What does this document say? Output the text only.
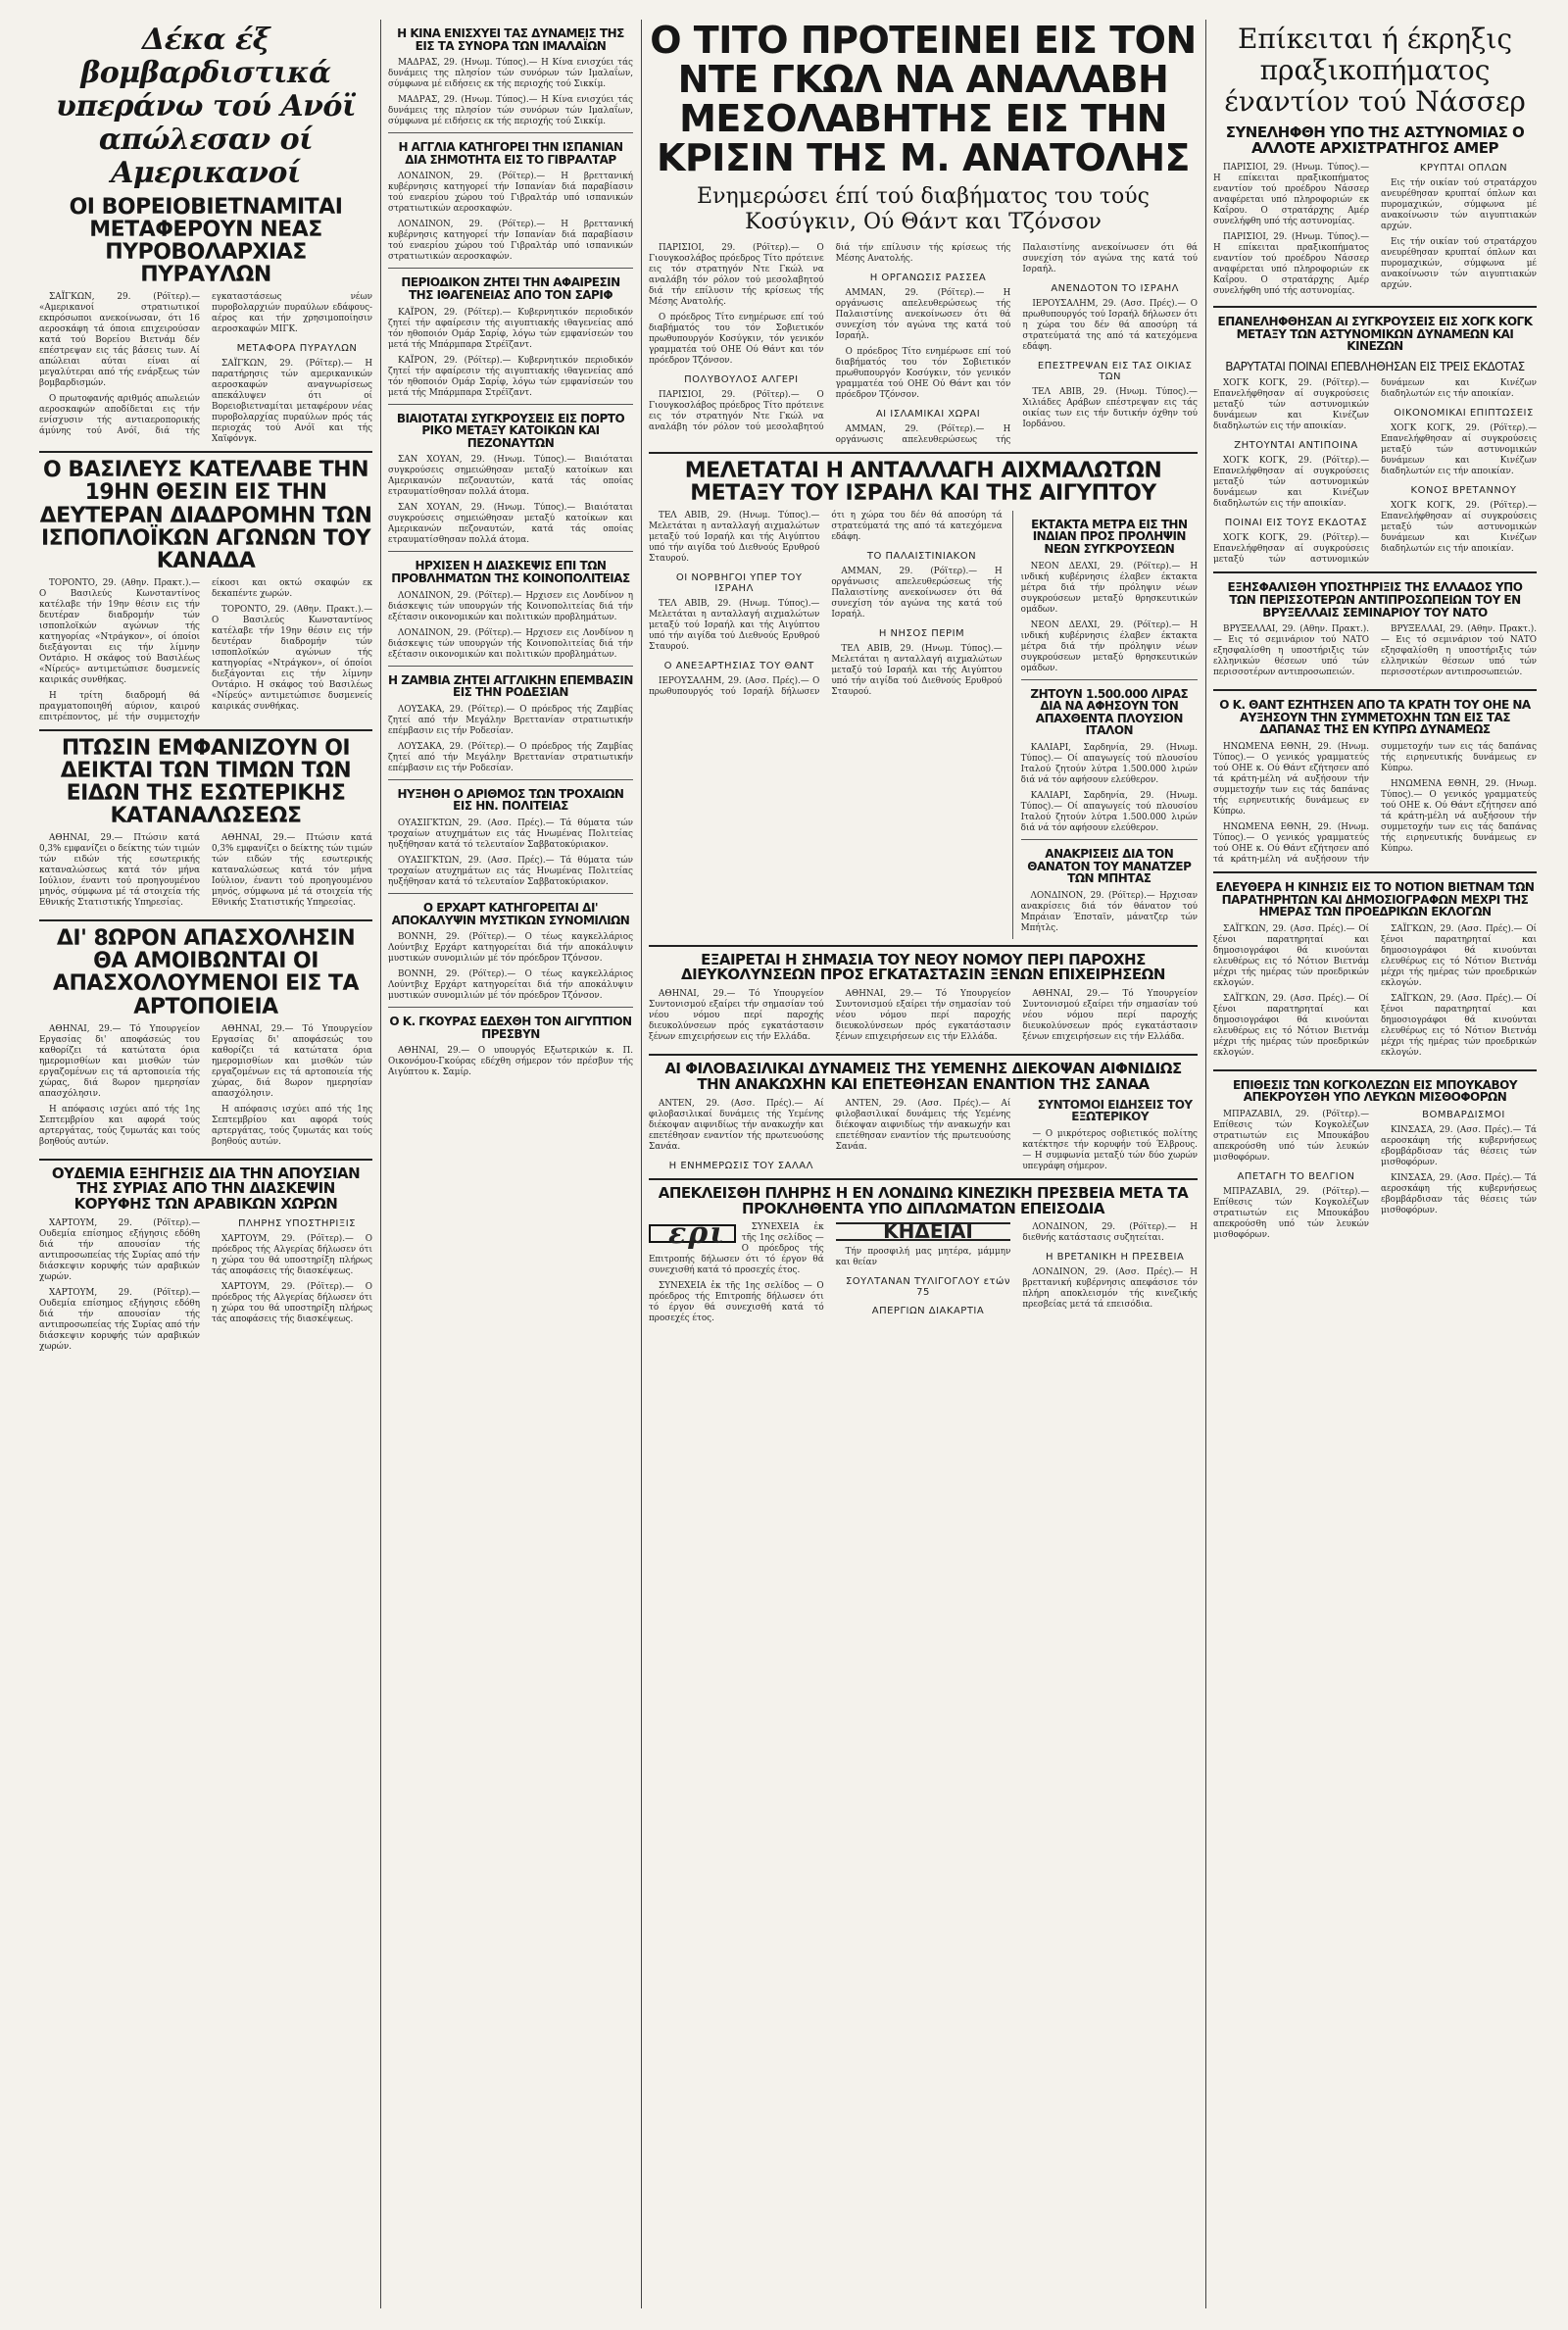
Δέκα έξ βομβαρδιστικά υπεράνω τού Ανόϊ απώλεσαν οί Αμερικανοί
ΟΙ ΒΟΡΕΙΟΒΙΕΤΝΑΜΙΤΑΙ ΜΕΤΑΦΕΡΟΥΝ ΝΕΑΣ ΠΥΡΟΒΟΛΑΡΧΙΑΣ ΠΥΡΑΥΛΩΝ

ΣΑΪΓΚΩΝ, 29. (Ρόϊτερ).— «Αμερικανοί στρατιωτικοί εκπρόσωποι ανεκοίνωσαν, ότι 16 αεροσκάφη τά όποια επιχειρούσαν κατά τού Βορείου Βιετνάμ δέν επέστρεψαν εις τάς βάσεις των. Αί απώλειαι αύται είναι αί μεγαλύτεραι από τής ενάρξεως τών βομβαρδισμών.

Ο πρωτοφανής αριθμός απωλειών αεροσκαφών αποδίδεται εις τήν ενίσχυσιν τής αντιαεροπορικής άμύνης τού Ανόϊ, διά τής εγκαταστάσεως νέων πυροβολαρχιών πυραύλων εδάφους-αέρος και τήν χρησιμοποίησιν αεροσκαφών ΜΙΓΚ.

ΜΕΤΑΦΟΡΑ ΠΥΡΑΥΛΩΝ

ΣΑΪΓΚΩΝ, 29. (Ρόϊτερ).— Η παρατήρησις τών αμερικανικών αεροσκαφών αναγνωρίσεως απεκάλυψεν ότι οί Βορειοβιετναμίται μεταφέρουν νέας πυροβολαρχίας πυραύλων πρός τάς περιοχάς τού Ανόϊ και τής Χαϊφόνγκ.

Ο ΒΑΣΙΛΕΥΣ ΚΑΤΕΛΑΒΕ ΤΗΝ 19ΗΝ ΘΕΣΙΝ ΕΙΣ ΤΗΝ ΔΕΥΤΕΡΑΝ ΔΙΑΔΡΟΜΗΝ ΤΩΝ ΙΣΠΟΠΛΟΪΚΩΝ ΑΓΩΝΩΝ ΤΟΥ ΚΑΝΑΔΑ

ΤΟΡΟΝΤΟ, 29. (Αθην. Πρακτ.).— Ο Βασιλεύς Κωνσταντίνος κατέλαβε τήν 19ην θέσιν εις τήν δευτέραν διαδρομήν τών ισποπλοϊκών αγώνων τής κατηγορίας «Ντράγκον», οί όποίοι διεξάγονται εις τήν λίμνην Οντάριο. Η σκάφος τού Βασιλέως «Νίρεύς» αντιμετώπισε δυσμενείς καιρικάς συνθήκας.

Η τρίτη διαδρομή θά πραγματοποιηθή αύριον, καιρού επιτρέποντος, μέ τήν συμμετοχήν είκοσι και οκτώ σκαφών εκ δεκαπέντε χωρών.

ΤΟΡΟΝΤΟ, 29. (Αθην. Πρακτ.).— Ο Βασιλεύς Κωνσταντίνος κατέλαβε τήν 19ην θέσιν εις τήν δευτέραν διαδρομήν τών ισποπλοϊκών αγώνων τής κατηγορίας «Ντράγκον», οί όποίοι διεξάγονται εις τήν λίμνην Οντάριο. Η σκάφος τού Βασιλέως «Νίρεύς» αντιμετώπισε δυσμενείς καιρικάς συνθήκας.

ΠΤΩΣΙΝ ΕΜΦΑΝΙΖΟΥΝ ΟΙ ΔΕΙΚΤΑΙ ΤΩΝ ΤΙΜΩΝ ΤΩΝ ΕΙΔΩΝ ΤΗΣ ΕΣΩΤΕΡΙΚΗΣ ΚΑΤΑΝΑΛΩΣΕΩΣ

ΑΘΗΝΑΙ, 29.— Πτώσιν κατά 0,3% εμφανίζει ο δείκτης τών τιμών τών ειδών τής εσωτερικής καταναλώσεως κατά τόν μήνα Ιούλιον, έναντι τού προηγουμένου μηνός, σύμφωνα μέ τά στοιχεία τής Εθνικής Στατιστικής Υπηρεσίας.

ΑΘΗΝΑΙ, 29.— Πτώσιν κατά 0,3% εμφανίζει ο δείκτης τών τιμών τών ειδών τής εσωτερικής καταναλώσεως κατά τόν μήνα Ιούλιον, έναντι τού προηγουμένου μηνός, σύμφωνα μέ τά στοιχεία τής Εθνικής Στατιστικής Υπηρεσίας.

ΔΙ' 8ΩΡΟΝ ΑΠΑΣΧΟΛΗΣΙΝ ΘΑ ΑΜΟΙΒΩΝΤΑΙ ΟΙ ΑΠΑΣΧΟΛΟΥΜΕΝΟΙ ΕΙΣ ΤΑ ΑΡΤΟΠΟΙΕΙΑ

ΑΘΗΝΑΙ, 29.— Τό Υπουργείον Εργασίας δι' αποφάσεώς του καθορίζει τά κατώτατα όρια ημερομισθίων και μισθών τών εργαζομένων εις τά αρτοποιεία τής χώρας, διά 8ωρον ημερησίαν απασχόλησιν.

Η απόφασις ισχύει από τής 1ης Σεπτεμβρίου και αφορά τούς αρτεργάτας, τούς ζυμωτάς και τούς βοηθούς αυτών.

ΑΘΗΝΑΙ, 29.— Τό Υπουργείον Εργασίας δι' αποφάσεώς του καθορίζει τά κατώτατα όρια ημερομισθίων και μισθών τών εργαζομένων εις τά αρτοποιεία τής χώρας, διά 8ωρον ημερησίαν απασχόλησιν.

Η απόφασις ισχύει από τής 1ης Σεπτεμβρίου και αφορά τούς αρτεργάτας, τούς ζυμωτάς και τούς βοηθούς αυτών.

ΟΥΔΕΜΙΑ ΕΞΗΓΗΣΙΣ ΔΙΑ ΤΗΝ ΑΠΟΥΣΙΑΝ ΤΗΣ ΣΥΡΙΑΣ ΑΠΟ ΤΗΝ ΔΙΑΣΚΕΨΙΝ ΚΟΡΥΦΗΣ ΤΩΝ ΑΡΑΒΙΚΩΝ ΧΩΡΩΝ

ΧΑΡΤΟΥΜ, 29. (Ρόϊτερ).— Ουδεμία επίσημος εξήγησις εδόθη διά τήν απουσίαν τής αντιπροσωπείας τής Συρίας από τήν διάσκεψιν κορυφής τών αραβικών χωρών.

ΧΑΡΤΟΥΜ, 29. (Ρόϊτερ).— Ουδεμία επίσημος εξήγησις εδόθη διά τήν απουσίαν τής αντιπροσωπείας τής Συρίας από τήν διάσκεψιν κορυφής τών αραβικών χωρών.

ΠΛΗΡΗΣ ΥΠΟΣΤΗΡΙΞΙΣ

ΧΑΡΤΟΥΜ, 29. (Ρόϊτερ).— Ο πρόεδρος τής Αλγερίας δήλωσεν ότι η χώρα του θά υποστηρίξη πλήρως τάς αποφάσεις τής διασκέψεως.

ΧΑΡΤΟΥΜ, 29. (Ρόϊτερ).— Ο πρόεδρος τής Αλγερίας δήλωσεν ότι η χώρα του θά υποστηρίξη πλήρως τάς αποφάσεις τής διασκέψεως.

Η ΚΙΝΑ ΕΝΙΣΧΥΕΙ ΤΑΣ ΔΥΝΑΜΕΙΣ ΤΗΣ ΕΙΣ ΤΑ ΣΥΝΟΡΑ ΤΩΝ ΙΜΑΛΑΪΩΝ

ΜΑΔΡΑΣ, 29. (Ηνωμ. Τύπος).— Η Κίνα ενισχύει τάς δυνάμεις της πλησίον τών συνόρων τών Ιμαλαΐων, σύμφωνα μέ ειδήσεις εκ τής περιοχής τού Σικκίμ.

ΜΑΔΡΑΣ, 29. (Ηνωμ. Τύπος).— Η Κίνα ενισχύει τάς δυνάμεις της πλησίον τών συνόρων τών Ιμαλαΐων, σύμφωνα μέ ειδήσεις εκ τής περιοχής τού Σικκίμ.

Η ΑΓΓΛΙΑ ΚΑΤΗΓΟΡΕΙ ΤΗΝ ΙΣΠΑΝΙΑΝ ΔΙΑ ΣΗΜΟΤΗΤΑ ΕΙΣ ΤΟ ΓΙΒΡΑΛΤΑΡ

ΛΟΝΔΙΝΟΝ, 29. (Ρόϊτερ).— Η βρεττανική κυβέρνησις κατηγορεί τήν Ισπανίαν διά παραβίασιν τού εναερίου χώρου τού Γιβραλτάρ υπό ισπανικών στρατιωτικών αεροσκαφών.

ΛΟΝΔΙΝΟΝ, 29. (Ρόϊτερ).— Η βρεττανική κυβέρνησις κατηγορεί τήν Ισπανίαν διά παραβίασιν τού εναερίου χώρου τού Γιβραλτάρ υπό ισπανικών στρατιωτικών αεροσκαφών.

ΠΕΡΙΟΔΙΚΟΝ ΖΗΤΕΙ ΤΗΝ ΑΦΑΙΡΕΣΙΝ ΤΗΣ ΙΘΑΓΕΝΕΙΑΣ ΑΠΟ ΤΟΝ ΣΑΡΙΦ

ΚΑΪΡΟΝ, 29. (Ρόϊτερ).— Κυβερνητικόν περιοδικόν ζητεί τήν αφαίρεσιν τής αιγυπτιακής ιθαγενείας από τόν ηθοποιόν Ομάρ Σαρίφ, λόγω τών εμφανίσεών του μετά τής Μπάρμπαρα Στρέϊζαντ.

ΚΑΪΡΟΝ, 29. (Ρόϊτερ).— Κυβερνητικόν περιοδικόν ζητεί τήν αφαίρεσιν τής αιγυπτιακής ιθαγενείας από τόν ηθοποιόν Ομάρ Σαρίφ, λόγω τών εμφανίσεών του μετά τής Μπάρμπαρα Στρέϊζαντ.

ΒΙΑΙΟΤΑΤΑΙ ΣΥΓΚΡΟΥΣΕΙΣ ΕΙΣ ΠΟΡΤΟ ΡΙΚΟ ΜΕΤΑΞΥ ΚΑΤΟΙΚΩΝ ΚΑΙ ΠΕΖΟΝΑΥΤΩΝ

ΣΑΝ ΧΟΥΑΝ, 29. (Ηνωμ. Τύπος).— Βιαιόταται συγκρούσεις σημειώθησαν μεταξύ κατοίκων και Αμερικανών πεζοναυτών, κατά τάς οποίας ετραυματίσθησαν πολλά άτομα.

ΣΑΝ ΧΟΥΑΝ, 29. (Ηνωμ. Τύπος).— Βιαιόταται συγκρούσεις σημειώθησαν μεταξύ κατοίκων και Αμερικανών πεζοναυτών, κατά τάς οποίας ετραυματίσθησαν πολλά άτομα.

ΗΡΧΙΣΕΝ Η ΔΙΑΣΚΕΨΙΣ ΕΠΙ ΤΩΝ ΠΡΟΒΛΗΜΑΤΩΝ ΤΗΣ ΚΟΙΝΟΠΟΛΙΤΕΙΑΣ

ΛΟΝΔΙΝΟΝ, 29. (Ρόϊτερ).— Ηρχισεν εις Λονδίνον η διάσκεψις τών υπουργών τής Κοινοπολιτείας διά τήν εξέτασιν οικονομικών και πολιτικών προβλημάτων.

ΛΟΝΔΙΝΟΝ, 29. (Ρόϊτερ).— Ηρχισεν εις Λονδίνον η διάσκεψις τών υπουργών τής Κοινοπολιτείας διά τήν εξέτασιν οικονομικών και πολιτικών προβλημάτων.

Η ΖΑΜΒΙΑ ΖΗΤΕΙ ΑΓΓΛΙΚΗΝ ΕΠΕΜΒΑΣΙΝ ΕΙΣ ΤΗΝ ΡΟΔΕΣΙΑΝ

ΛΟΥΣΑΚΑ, 29. (Ρόϊτερ).— Ο πρόεδρος τής Ζαμβίας ζητεί από τήν Μεγάλην Βρεττανίαν στρατιωτικήν επέμβασιν εις τήν Ροδεσίαν.

ΛΟΥΣΑΚΑ, 29. (Ρόϊτερ).— Ο πρόεδρος τής Ζαμβίας ζητεί από τήν Μεγάλην Βρεττανίαν στρατιωτικήν επέμβασιν εις τήν Ροδεσίαν.

ΗΥΞΗΘΗ Ο ΑΡΙΘΜΟΣ ΤΩΝ ΤΡΟΧΑΙΩΝ ΕΙΣ ΗΝ. ΠΟΛΙΤΕΙΑΣ

ΟΥΑΣΙΓΚΤΩΝ, 29. (Ασσ. Πρές).— Τά θύματα τών τροχαίων ατυχημάτων εις τάς Ηνωμένας Πολιτείας ηυξήθησαν κατά τό τελευταίον Σαββατοκύριακον.

ΟΥΑΣΙΓΚΤΩΝ, 29. (Ασσ. Πρές).— Τά θύματα τών τροχαίων ατυχημάτων εις τάς Ηνωμένας Πολιτείας ηυξήθησαν κατά τό τελευταίον Σαββατοκύριακον.

Ο ΕΡΧΑΡΤ ΚΑΤΗΓΟΡΕΙΤΑΙ ΔΙ' ΑΠΟΚΑΛΥΨΙΝ ΜΥΣΤΙΚΩΝ ΣΥΝΟΜΙΛΙΩΝ

ΒΟΝΝΗ, 29. (Ρόϊτερ).— Ο τέως καγκελλάριος Λούντβιχ Ερχάρτ κατηγορείται διά τήν αποκάλυψιν μυστικών συνομιλιών μέ τόν πρόεδρον Τζόνσον.

ΒΟΝΝΗ, 29. (Ρόϊτερ).— Ο τέως καγκελλάριος Λούντβιχ Ερχάρτ κατηγορείται διά τήν αποκάλυψιν μυστικών συνομιλιών μέ τόν πρόεδρον Τζόνσον.

Ο Κ. ΓΚΟΥΡΑΣ ΕΔΕΧΘΗ ΤΟΝ ΑΙΓΥΠΤΙΟΝ ΠΡΕΣΒΥΝ

ΑΘΗΝΑΙ, 29.— Ο υπουργός Εξωτερικών κ. Π. Οικονόμου-Γκούρας εδέχθη σήμερον τόν πρέσβυν τής Αιγύπτου κ. Σαμίρ.

Ο ΤΙΤΟ ΠΡΟΤΕΙΝΕΙ ΕΙΣ ΤΟΝ ΝΤΕ ΓΚΩΛ ΝΑ ΑΝΑΛΑΒΗ ΜΕΣΟΛΑΒΗΤΗΣ ΕΙΣ ΤΗΝ ΚΡΙΣΙΝ ΤΗΣ Μ. ΑΝΑΤΟΛΗΣ
Ενημερώσει έπί τού διαβήματος του τούς Κοσύγκιν, Ού Θάντ και Τζόνσον

ΠΑΡΙΣΙΟΙ, 29. (Ρόϊτερ).— Ο Γιουγκοσλάβος πρόεδρος Τίτο πρότεινε εις τόν στρατηγόν Ντε Γκώλ να αναλάβη τόν ρόλον τού μεσολαβητού διά τήν επίλυσιν τής κρίσεως τής Μέσης Ανατολής.

Ο πρόεδρος Τίτο ενημέρωσε επί τού διαβήματός του τόν Σοβιετικόν πρωθυπουργόν Κοσύγκιν, τόν γενικόν γραμματέα τού ΟΗΕ Ού Θάντ και τόν πρόεδρον Τζόνσον.

ΠΟΛΥΒΟΥΛΟΣ ΑΛΓΕΡΙ

ΠΑΡΙΣΙΟΙ, 29. (Ρόϊτερ).— Ο Γιουγκοσλάβος πρόεδρος Τίτο πρότεινε εις τόν στρατηγόν Ντε Γκώλ να αναλάβη τόν ρόλον τού μεσολαβητού διά τήν επίλυσιν τής κρίσεως τής Μέσης Ανατολής.

Η ΟΡΓΑΝΩΣΙΣ ΡΑΣΣΕΑ

ΑΜΜΑΝ, 29. (Ρόϊτερ).— Η οργάνωσις απελευθερώσεως τής Παλαιστίνης ανεκοίνωσεν ότι θά συνεχίση τόν αγώνα της κατά τού Ισραήλ.

Ο πρόεδρος Τίτο ενημέρωσε επί τού διαβήματός του τόν Σοβιετικόν πρωθυπουργόν Κοσύγκιν, τόν γενικόν γραμματέα τού ΟΗΕ Ού Θάντ και τόν πρόεδρον Τζόνσον.

ΑΙ ΙΣΛΑΜΙΚΑΙ ΧΩΡΑΙ

ΑΜΜΑΝ, 29. (Ρόϊτερ).— Η οργάνωσις απελευθερώσεως τής Παλαιστίνης ανεκοίνωσεν ότι θά συνεχίση τόν αγώνα της κατά τού Ισραήλ.

ΑΝΕΝΔΟΤΟΝ ΤΟ ΙΣΡΑΗΛ

ΙΕΡΟΥΣΑΛΗΜ, 29. (Ασσ. Πρές).— Ο πρωθυπουργός τού Ισραήλ δήλωσεν ότι η χώρα του δέν θά αποσύρη τά στρατεύματά της από τά κατεχόμενα εδάφη.

ΕΠΕΣΤΡΕΨΑΝ ΕΙΣ ΤΑΣ ΟΙΚΙΑΣ ΤΩΝ

ΤΕΛ ΑΒΙΒ, 29. (Ηνωμ. Τύπος).— Χιλιάδες Αράβων επέστρεψαν εις τάς οικίας των εις τήν δυτικήν όχθην τού Ιορδάνου.

ΜΕΛΕΤΑΤΑΙ Η ΑΝΤΑΛΛΑΓΗ ΑΙΧΜΑΛΩΤΩΝ ΜΕΤΑΞΥ ΤΟΥ ΙΣΡΑΗΛ ΚΑΙ ΤΗΣ ΑΙΓΥΠΤΟΥ

ΤΕΛ ΑΒΙΒ, 29. (Ηνωμ. Τύπος).— Μελετάται η ανταλλαγή αιχμαλώτων μεταξύ τού Ισραήλ και τής Αιγύπτου υπό τήν αιγίδα τού Διεθνούς Ερυθρού Σταυρού.

ΟΙ ΝΟΡΒΗΓΟΙ ΥΠΕΡ ΤΟΥ ΙΣΡΑΗΛ

ΤΕΛ ΑΒΙΒ, 29. (Ηνωμ. Τύπος).— Μελετάται η ανταλλαγή αιχμαλώτων μεταξύ τού Ισραήλ και τής Αιγύπτου υπό τήν αιγίδα τού Διεθνούς Ερυθρού Σταυρού.

Ο ΑΝΕΞΑΡΤΗΣΙΑΣ ΤΟΥ ΘΑΝΤ

ΙΕΡΟΥΣΑΛΗΜ, 29. (Ασσ. Πρές).— Ο πρωθυπουργός τού Ισραήλ δήλωσεν ότι η χώρα του δέν θά αποσύρη τά στρατεύματά της από τά κατεχόμενα εδάφη.

ΤΟ ΠΑΛΑΙΣΤΙΝΙΑΚΟΝ

ΑΜΜΑΝ, 29. (Ρόϊτερ).— Η οργάνωσις απελευθερώσεως τής Παλαιστίνης ανεκοίνωσεν ότι θά συνεχίση τόν αγώνα της κατά τού Ισραήλ.

Η ΝΗΣΟΣ ΠΕΡΙΜ

ΤΕΛ ΑΒΙΒ, 29. (Ηνωμ. Τύπος).— Μελετάται η ανταλλαγή αιχμαλώτων μεταξύ τού Ισραήλ και τής Αιγύπτου υπό τήν αιγίδα τού Διεθνούς Ερυθρού Σταυρού.

ΕΚΤΑΚΤΑ ΜΕΤΡΑ ΕΙΣ ΤΗΝ ΙΝΔΙΑΝ ΠΡΟΣ ΠΡΟΛΗΨΙΝ ΝΕΩΝ ΣΥΓΚΡΟΥΣΕΩΝ

ΝΕΟΝ ΔΕΛΧΙ, 29. (Ρόϊτερ).— Η ινδική κυβέρνησις έλαβεν έκτακτα μέτρα διά τήν πρόληψιν νέων συγκρούσεων μεταξύ θρησκευτικών ομάδων.

ΝΕΟΝ ΔΕΛΧΙ, 29. (Ρόϊτερ).— Η ινδική κυβέρνησις έλαβεν έκτακτα μέτρα διά τήν πρόληψιν νέων συγκρούσεων μεταξύ θρησκευτικών ομάδων.

ΖΗΤΟΥΝ 1.500.000 ΛΙΡΑΣ ΔΙΑ ΝΑ ΑΦΗΣΟΥΝ ΤΟΝ ΑΠΑΧΘΕΝΤΑ ΠΛΟΥΣΙΟΝ ΙΤΑΛΟΝ

ΚΑΛΙΑΡΙ, Σαρδηνία, 29. (Ηνωμ. Τύπος).— Οί απαγωγείς τού πλουσίου Ιταλού ζητούν λύτρα 1.500.000 λιρών διά νά τόν αφήσουν ελεύθερον.

ΚΑΛΙΑΡΙ, Σαρδηνία, 29. (Ηνωμ. Τύπος).— Οί απαγωγείς τού πλουσίου Ιταλού ζητούν λύτρα 1.500.000 λιρών διά νά τόν αφήσουν ελεύθερον.

ΑΝΑΚΡΙΣΕΙΣ ΔΙΑ ΤΟΝ ΘΑΝΑΤΟΝ ΤΟΥ ΜΑΝΑΤΖΕΡ ΤΩΝ ΜΠΗΤΑΣ

ΛΟΝΔΙΝΟΝ, 29. (Ρόϊτερ).— Ηρχισαν ανακρίσεις διά τόν θάνατον τού Μπράιαν Έπσταϊν, μάνατζερ τών Μπήτλς.

ΕΞΑΙΡΕΤΑΙ Η ΣΗΜΑΣΙΑ ΤΟΥ ΝΕΟΥ ΝΟΜΟΥ ΠΕΡΙ ΠΑΡΟΧΗΣ ΔΙΕΥΚΟΛΥΝΣΕΩΝ ΠΡΟΣ ΕΓΚΑΤΑΣΤΑΣΙΝ ΞΕΝΩΝ ΕΠΙΧΕΙΡΗΣΕΩΝ

ΑΘΗΝΑΙ, 29.— Τό Υπουργείον Συντονισμού εξαίρει τήν σημασίαν τού νέου νόμου περί παροχής διευκολύνσεων πρός εγκατάστασιν ξένων επιχειρήσεων εις τήν Ελλάδα.

ΑΘΗΝΑΙ, 29.— Τό Υπουργείον Συντονισμού εξαίρει τήν σημασίαν τού νέου νόμου περί παροχής διευκολύνσεων πρός εγκατάστασιν ξένων επιχειρήσεων εις τήν Ελλάδα.

ΑΘΗΝΑΙ, 29.— Τό Υπουργείον Συντονισμού εξαίρει τήν σημασίαν τού νέου νόμου περί παροχής διευκολύνσεων πρός εγκατάστασιν ξένων επιχειρήσεων εις τήν Ελλάδα.

ΑΙ ΦΙΛΟΒΑΣΙΛΙΚΑΙ ΔΥΝΑΜΕΙΣ ΤΗΣ ΥΕΜΕΝΗΣ ΔΙΕΚΟΨΑΝ ΑΙΦΝΙΔΙΩΣ ΤΗΝ ΑΝΑΚΩΧΗΝ ΚΑΙ ΕΠΕΤΕΘΗΣΑΝ ΕΝΑΝΤΙΟΝ ΤΗΣ ΣΑΝΑΑ

ΑΝΤΕΝ, 29. (Ασσ. Πρές).— Αί φιλοβασιλικαί δυνάμεις τής Υεμένης διέκοψαν αιφνιδίως τήν ανακωχήν και επετέθησαν εναντίον τής πρωτευούσης Σανάα.

Η ΕΝΗΜΕΡΩΣΙΣ ΤΟΥ ΣΑΛΑΛ

ΑΝΤΕΝ, 29. (Ασσ. Πρές).— Αί φιλοβασιλικαί δυνάμεις τής Υεμένης διέκοψαν αιφνιδίως τήν ανακωχήν και επετέθησαν εναντίον τής πρωτευούσης Σανάα.

ΣΥΝΤΟΜΟΙ ΕΙΔΗΣΕΙΣ ΤΟΥ ΕΞΩΤΕΡΙΚΟΥ

— Ο μικρότερος σοβιετικός πολίτης κατέκτησε τήν κορυφήν τού Έλβρους. — Η συμφωνία μεταξύ τών δύο χωρών υπεγράφη σήμερον.

ΑΠΕΚΛΕΙΣΘΗ ΠΛΗΡΗΣ Η ΕΝ ΛΟΝΔΙΝΩ ΚΙΝΕΖΙΚΗ ΠΡΕΣΒΕΙΑ ΜΕΤΑ ΤΑ ΠΡΟΚΛΗΘΕΝΤΑ ΥΠΟ ΔΙΠΛΩΜΑΤΩΝ ΕΠΕΙΣΟΔΙΑ
ερι	ΣΥΝΕΧΕΙΑ ἐκ τῆς 1ης σελίδος — Ο πρόεδρος τής Επιτροπής δήλωσεν ότι τό έργον θά συνεχισθή κατά τό προσεχές έτος.

ΣΥΝΕΧΕΙΑ ἐκ τῆς 1ης σελίδος — Ο πρόεδρος τής Επιτροπής δήλωσεν ότι τό έργον θά συνεχισθή κατά τό προσεχές έτος.

ΚΗΔΕΙΑΙ

Τήν προσφιλή μας μητέρα, μάμμην και θείαν

ΣΟΥΛΤΑΝΑΝ ΤΥΛΙΓΟΓΛΟΥ ετών 75
ΑΠΕΡΓΙΩΝ ΔΙΑΚΑΡΤΙΑ

ΛΟΝΔΙΝΟΝ, 29. (Ρόϊτερ).— Η διεθνής κατάστασις συζητείται.

Η ΒΡΕΤΑΝΙΚΗ Η ΠΡΕΣΒΕΙΑ

ΛΟΝΔΙΝΟΝ, 29. (Ασσ. Πρές).— Η βρεττανική κυβέρνησις απεφάσισε τόν πλήρη αποκλεισμόν τής κινεζικής πρεσβείας μετά τά επεισόδια.

Επίκειται ή έκρηξις πραξικοπήματος έναντίον τού Νάσσερ
ΣΥΝΕΛΗΦΘΗ ΥΠΟ ΤΗΣ ΑΣΤΥΝΟΜΙΑΣ Ο ΑΛΛΟΤΕ ΑΡΧΙΣΤΡΑΤΗΓΟΣ ΑΜΕΡ

ΠΑΡΙΣΙΟΙ, 29. (Ηνωμ. Τύπος).— Η επίκειται πραξικοπήματος εναντίον τού προέδρου Νάσσερ αναφέρεται υπό πληροφοριών εκ Καΐρου. Ο στρατάρχης Αμέρ συνελήφθη υπό τής αστυνομίας.

ΠΑΡΙΣΙΟΙ, 29. (Ηνωμ. Τύπος).— Η επίκειται πραξικοπήματος εναντίον τού προέδρου Νάσσερ αναφέρεται υπό πληροφοριών εκ Καΐρου. Ο στρατάρχης Αμέρ συνελήφθη υπό τής αστυνομίας.

ΚΡΥΠΤΑΙ ΟΠΛΩΝ

Εις τήν οικίαν τού στρατάρχου ανευρέθησαν κρυπταί όπλων και πυρομαχικών, σύμφωνα μέ ανακοίνωσιν τών αιγυπτιακών αρχών.

Εις τήν οικίαν τού στρατάρχου ανευρέθησαν κρυπταί όπλων και πυρομαχικών, σύμφωνα μέ ανακοίνωσιν τών αιγυπτιακών αρχών.

ΕΠΑΝΕΛΗΦΘΗΣΑΝ ΑΙ ΣΥΓΚΡΟΥΣΕΙΣ ΕΙΣ ΧΟΓΚ ΚΟΓΚ ΜΕΤΑΞΥ ΤΩΝ ΑΣΤΥΝΟΜΙΚΩΝ ΔΥΝΑΜΕΩΝ ΚΑΙ ΚΙΝΕΖΩΝ
ΒΑΡΥΤΑΤΑΙ ΠΟΙΝΑΙ ΕΠΕΒΛΗΘΗΣΑΝ ΕΙΣ ΤΡΕΙΣ ΕΚΔΟΤΑΣ

ΧΟΓΚ ΚΟΓΚ, 29. (Ρόϊτερ).— Επανελήφθησαν αί συγκρούσεις μεταξύ τών αστυνομικών δυνάμεων και Κινέζων διαδηλωτών εις τήν αποικίαν.

ΖΗΤΟΥΝΤΑΙ ΑΝΤΙΠΟΙΝΑ

ΧΟΓΚ ΚΟΓΚ, 29. (Ρόϊτερ).— Επανελήφθησαν αί συγκρούσεις μεταξύ τών αστυνομικών δυνάμεων και Κινέζων διαδηλωτών εις τήν αποικίαν.

ΠΟΙΝΑΙ ΕΙΣ ΤΟΥΣ ΕΚΔΟΤΑΣ

ΧΟΓΚ ΚΟΓΚ, 29. (Ρόϊτερ).— Επανελήφθησαν αί συγκρούσεις μεταξύ τών αστυνομικών δυνάμεων και Κινέζων διαδηλωτών εις τήν αποικίαν.

ΟΙΚΟΝΟΜΙΚΑΙ ΕΠΙΠΤΩΣΕΙΣ

ΧΟΓΚ ΚΟΓΚ, 29. (Ρόϊτερ).— Επανελήφθησαν αί συγκρούσεις μεταξύ τών αστυνομικών δυνάμεων και Κινέζων διαδηλωτών εις τήν αποικίαν.

ΚΟΝΟΣ ΒΡΕΤΑΝΝΟΥ

ΧΟΓΚ ΚΟΓΚ, 29. (Ρόϊτερ).— Επανελήφθησαν αί συγκρούσεις μεταξύ τών αστυνομικών δυνάμεων και Κινέζων διαδηλωτών εις τήν αποικίαν.

ΕΞΗΣΦΑΛΙΣΘΗ ΥΠΟΣΤΗΡΙΞΙΣ ΤΗΣ ΕΛΛΑΔΟΣ ΥΠΟ ΤΩΝ ΠΕΡΙΣΣΟΤΕΡΩΝ ΑΝΤΙΠΡΟΣΩΠΕΙΩΝ ΤΟΥ ΕΝ ΒΡΥΞΕΛΛΑΙΣ ΣΕΜΙΝΑΡΙΟΥ ΤΟΥ ΝΑΤΟ

ΒΡΥΞΕΛΛΑΙ, 29. (Αθην. Πρακτ.).— Εις τό σεμινάριον τού ΝΑΤΟ εξησφαλίσθη η υποστήριξις τών ελληνικών θέσεων υπό τών περισσοτέρων αντιπροσωπειών.

ΒΡΥΞΕΛΛΑΙ, 29. (Αθην. Πρακτ.).— Εις τό σεμινάριον τού ΝΑΤΟ εξησφαλίσθη η υποστήριξις τών ελληνικών θέσεων υπό τών περισσοτέρων αντιπροσωπειών.

Ο Κ. ΘΑΝΤ ΕΖΗΤΗΣΕΝ ΑΠΟ ΤΑ ΚΡΑΤΗ ΤΟΥ ΟΗΕ ΝΑ ΑΥΞΗΣΟΥΝ ΤΗΝ ΣΥΜΜΕΤΟΧΗΝ ΤΩΝ ΕΙΣ ΤΑΣ ΔΑΠΑΝΑΣ ΤΗΣ ΕΝ ΚΥΠΡΩ ΔΥΝΑΜΕΩΣ

ΗΝΩΜΕΝΑ ΕΘΝΗ, 29. (Ηνωμ. Τύπος).— Ο γενικός γραμματεύς τού ΟΗΕ κ. Ού Θάντ εζήτησεν από τά κράτη-μέλη νά αυξήσουν τήν συμμετοχήν των εις τάς δαπάνας τής ειρηνευτικής δυνάμεως εν Κύπρω.

ΗΝΩΜΕΝΑ ΕΘΝΗ, 29. (Ηνωμ. Τύπος).— Ο γενικός γραμματεύς τού ΟΗΕ κ. Ού Θάντ εζήτησεν από τά κράτη-μέλη νά αυξήσουν τήν συμμετοχήν των εις τάς δαπάνας τής ειρηνευτικής δυνάμεως εν Κύπρω.

ΗΝΩΜΕΝΑ ΕΘΝΗ, 29. (Ηνωμ. Τύπος).— Ο γενικός γραμματεύς τού ΟΗΕ κ. Ού Θάντ εζήτησεν από τά κράτη-μέλη νά αυξήσουν τήν συμμετοχήν των εις τάς δαπάνας τής ειρηνευτικής δυνάμεως εν Κύπρω.

ΕΛΕΥΘΕΡΑ Η ΚΙΝΗΣΙΣ ΕΙΣ ΤΟ ΝΟΤΙΟΝ ΒΙΕΤΝΑΜ ΤΩΝ ΠΑΡΑΤΗΡΗΤΩΝ ΚΑΙ ΔΗΜΟΣΙΟΓΡΑΦΩΝ ΜΕΧΡΙ ΤΗΣ ΗΜΕΡΑΣ ΤΩΝ ΠΡΟΕΔΡΙΚΩΝ ΕΚΛΟΓΩΝ

ΣΑΪΓΚΩΝ, 29. (Ασσ. Πρές).— Οί ξένοι παρατηρηταί και δημοσιογράφοι θά κινούνται ελευθέρως εις τό Νότιον Βιετνάμ μέχρι τής ημέρας τών προεδρικών εκλογών.

ΣΑΪΓΚΩΝ, 29. (Ασσ. Πρές).— Οί ξένοι παρατηρηταί και δημοσιογράφοι θά κινούνται ελευθέρως εις τό Νότιον Βιετνάμ μέχρι τής ημέρας τών προεδρικών εκλογών.

ΣΑΪΓΚΩΝ, 29. (Ασσ. Πρές).— Οί ξένοι παρατηρηταί και δημοσιογράφοι θά κινούνται ελευθέρως εις τό Νότιον Βιετνάμ μέχρι τής ημέρας τών προεδρικών εκλογών.

ΣΑΪΓΚΩΝ, 29. (Ασσ. Πρές).— Οί ξένοι παρατηρηταί και δημοσιογράφοι θά κινούνται ελευθέρως εις τό Νότιον Βιετνάμ μέχρι τής ημέρας τών προεδρικών εκλογών.

ΕΠΙΘΕΣΙΣ ΤΩΝ ΚΟΓΚΟΛΕΖΩΝ ΕΙΣ ΜΠΟΥΚΑΒΟΥ ΑΠΕΚΡΟΥΣΘΗ ΥΠΟ ΛΕΥΚΩΝ ΜΙΣΘΟΦΟΡΩΝ

ΜΠΡΑΖΑΒΙΛ, 29. (Ρόϊτερ).— Επίθεσις τών Κογκολέζων στρατιωτών εις Μπουκάβου απεκρούσθη υπό τών λευκών μισθοφόρων.

ΑΠΕΤΑΓΗ ΤΟ ΒΕΛΓΙΟΝ

ΜΠΡΑΖΑΒΙΛ, 29. (Ρόϊτερ).— Επίθεσις τών Κογκολέζων στρατιωτών εις Μπουκάβου απεκρούσθη υπό τών λευκών μισθοφόρων.

ΒΟΜΒΑΡΔΙΣΜΟΙ

ΚΙΝΣΑΣΑ, 29. (Ασσ. Πρές).— Τά αεροσκάφη τής κυβερνήσεως εβομβάρδισαν τάς θέσεις τών μισθοφόρων.

ΚΙΝΣΑΣΑ, 29. (Ασσ. Πρές).— Τά αεροσκάφη τής κυβερνήσεως εβομβάρδισαν τάς θέσεις τών μισθοφόρων.
